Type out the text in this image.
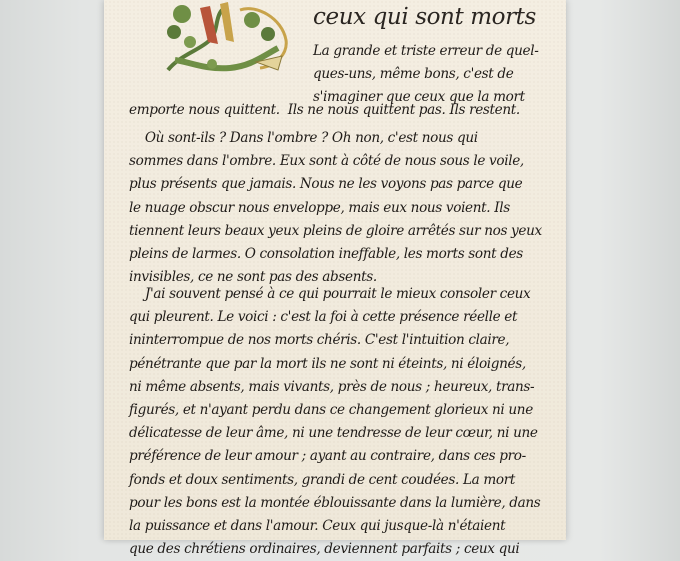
ceux qui sont morts
La grande et triste erreur de quel-
ques-uns, même bons, c'est de
s'imaginer que ceux que la mort
emporte nous quittent.  Ils ne nous quittent pas. Ils restent.
Où sont-ils ? Dans l'ombre ? Oh non, c'est nous qui
sommes dans l'ombre. Eux sont à côté de nous sous le voile,
plus présents que jamais. Nous ne les voyons pas parce que
le nuage obscur nous enveloppe, mais eux nous voient. Ils
tiennent leurs beaux yeux pleins de gloire arrêtés sur nos yeux
pleins de larmes. O consolation ineffable, les morts sont des
invisibles, ce ne sont pas des absents.
J'ai souvent pensé à ce qui pourrait le mieux consoler ceux
qui pleurent. Le voici : c'est la foi à cette présence réelle et
ininterrompue de nos morts chéris. C'est l'intuition claire,
pénétrante que par la mort ils ne sont ni éteints, ni éloignés,
ni même absents, mais vivants, près de nous ; heureux, trans-
figurés, et n'ayant perdu dans ce changement glorieux ni une
délicatesse de leur âme, ni une tendresse de leur cœur, ni une
préférence de leur amour ; ayant au contraire, dans ces pro-
fonds et doux sentiments, grandi de cent coudées. La mort
pour les bons est la montée éblouissante dans la lumière, dans
la puissance et dans l'amour. Ceux qui jusque-là n'étaient
que des chrétiens ordinaires, deviennent parfaits ; ceux qui
